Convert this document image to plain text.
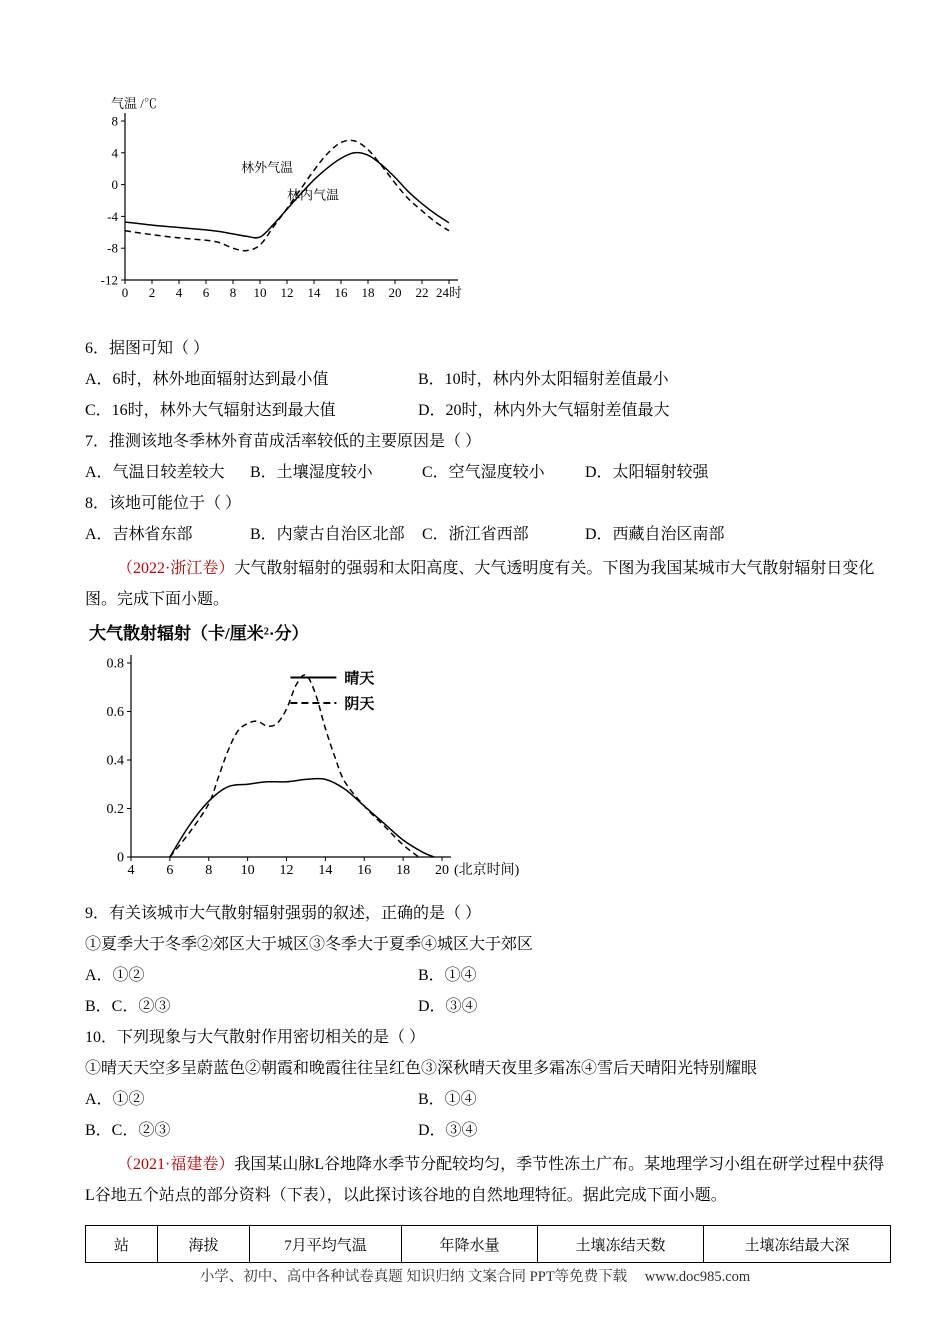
8
4
0
-4
-8
-12
0 2 4 6 8 10 12 14 16 18 20 22 24时
气温 /℃
林外气温
林内气温

6．据图可知（ ）

A．6时，林外地面辐射达到最小值	B．10时，林内外太阳辐射差值最小
C．16时，林外大气辐射达到最大值	D．20时，林内外大气辐射差值最大

7．推测该地冬季林外育苗成活率较低的主要原因是（ ）

A．气温日较差较大	B．土壤湿度较小	C．空气湿度较小	D．太阳辐射较强

8．该地可能位于（ ）

A．吉林省东部	B．内蒙古自治区北部	C．浙江省西部	D．西藏自治区南部

（2022·浙江卷）大气散射辐射的强弱和太阳高度、大气透明度有关。下图为我国某城市大气散射辐射日变化图。完成下面小题。

大气散射辐射（卡/厘米²·分）
0
0.2
0.4
0.6
0.8
4 6 8 10 12 14 16 18 20 (北京时间)
晴天
阴天

9．有关该城市大气散射辐射强弱的叙述，正确的是（ ）

①夏季大于冬季②郊区大于城区③冬季大于夏季④城区大于郊区

A．①②	B．①④
B．C．②③	D．③④

10．下列现象与大气散射作用密切相关的是（ ）

①晴天天空多呈蔚蓝色②朝霞和晚霞往往呈红色③深秋晴天夜里多霜冻④雪后天晴阳光特别耀眼

A．①②	B．①④
B．C．②③	D．③④

（2021·福建卷）我国某山脉L谷地降水季节分配较均匀，季节性冻土广布。某地理学习小组在研学过程中获得L谷地五个站点的部分资料（下表），以此探讨该谷地的自然地理特征。据此完成下面小题。

站	海拔	7月平均气温	年降水量	土壤冻结天数	土壤冻结最大深
小学、初中、高中各种试卷真题 知识归纳 文案合同 PPT等免费下载 www.doc985.com
